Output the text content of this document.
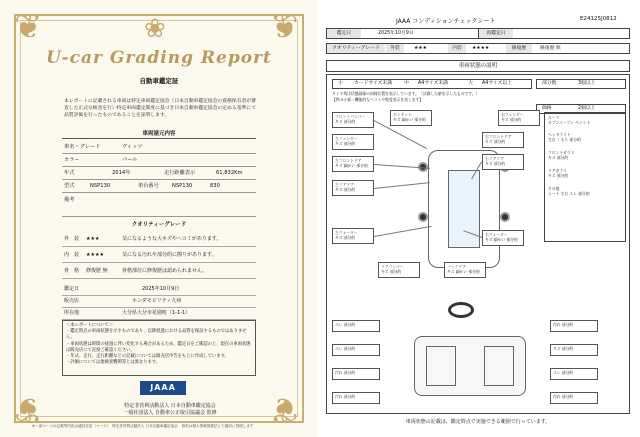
❦	❦
❦	❦
❀
U-car Grading Report
自動車鑑定証
本レポートに記載される車両は特定車両鑑定協会（日本自動車鑑定協会の資格保有者が審査した正式な検査を行い特定車両鑑定制度に基づき日本自動車鑑定協会の定める基準にて品質評価を行ったものであることを証明します。
車両諸元内容
車名・グレード	ヴィッツ
カラー	パール
年式	2014年	走行距離表示	61,832Km
型式	NSP130	車台番号	NSP130	830
備考
クオリティーグレード
外　装 ★★★	気になるような大キズやヘコミがあります。
内　装 ★★★★	気になる汚れや部分的に擦りがあります。
骨　格 修復歴 無	骨格部位に修復歴は認められません。
鑑定日	2025年10月9日
販売店	ホンダモビリティ九州
所在地	大分県大分市花園町（1-1-1）
＜本レポートについて＞
・鑑定時点の車両状態を示すものであり、以降経過における品質を保証するものではありません。
・車両状態は時間の経過に伴い変化する場合があるため、鑑定日をご確認の上、現在の車両状態は販売店にて直接ご確認ください。
・年式、走行、走行距離などの記載については販売店申告をもとに作成しています。
・評価については他検査機関等とは異なります。
JAAA
特定非営利活動法人 日本自動車鑑定協会
一般社団法人 自動車公正取引協議会 監修
※一部ページの記載等内容は適宜変更（ページ）　特定非営利活動法人 日本自動車鑑定協会　資料は個人情報保護法にて適切に管理します
JAAA コンディションチェックシート	E24125J0812
鑑定日	2025年10月9日	再鑑定日
クオリティーグレード	外装	★★★	内装	★★★★	修復歴	修復歴 無
車両状態の説明
小 カードサイズ未満	中 A4サイズ未満	大 A4サイズ以上
タイヤ残は状態画像の同様位置を表示しています。（計測した値を示したものです。）
【例 X小板＝機能的なヘコミや程度表示を表します】
部分数	3個以上
価格	2個以上
フロントバンパー
キズ 部分的
ボンネット
キズ 細かい 部分的
左フェンダー
キズ 部分的
右フェンダー
キズ 部分的
左フロントドア
キズ 細かい 部分的
右フロントドア
キズ 部分的
左リアドア
キズ 部分的
右リアドア
キズ 部分的
左クォーター
キズ 部分的
右クォーター
キズ 細かい 部分的
リアバンパー
キズ 部分的
バックドア
キズ 細かい 部分的
ルーフ
セブンイーブン ペイント
ヘッドライト
左右 くもり 部分的
フロントガラス
キズ 部分的
リアガラス
キズ 部分的
その他
シート 左右 スレ 部分的
スレ 部分的
スレ 部分的
汚れ 部分的
汚れ 部分的
汚れ 部分的
キズ 部分的
スレ 部分的
汚れ 部分的
車両状態の記載は、鑑定時点で実施できる範囲で行っています。
